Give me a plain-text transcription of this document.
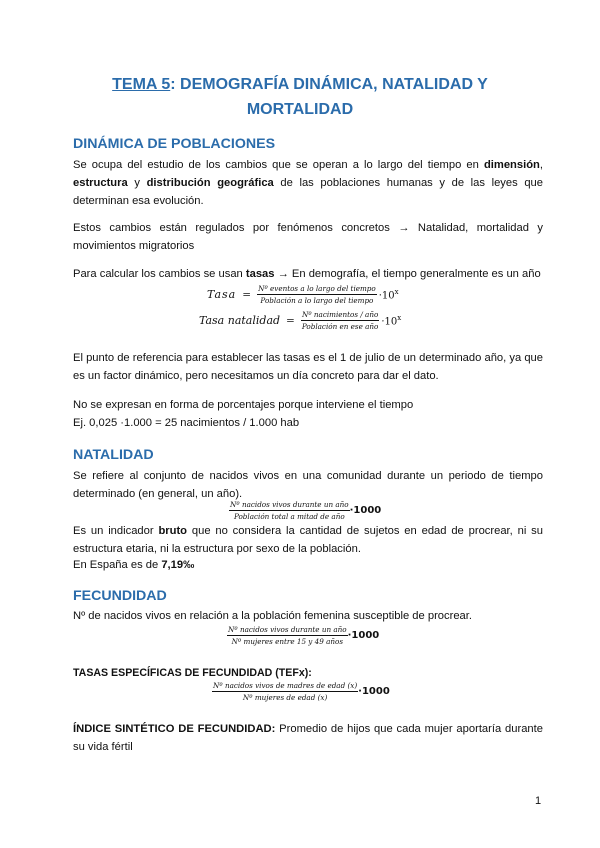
TEMA 5: DEMOGRAFÍA DINÁMICA, NATALIDAD Y
MORTALIDAD
DINÁMICA DE POBLACIONES

Se ocupa del estudio de los cambios que se operan a lo largo del tiempo en dimensión, estructura y distribución geográfica de las poblaciones humanas y de las leyes que determinan esa evolución.

Estos cambios están regulados por fenómenos concretos → Natalidad, mortalidad y movimientos migratorios

Para calcular los cambios se usan tasas → En demografía, el tiempo generalmente es un año

Tasa = $\frac{\text{Nº eventos a lo largo del tiempo}}{\text{Población a lo largo del tiempo}} \cdot 10^x$
Tasa natalidad = $\frac{\text{Nº nacimientos / año}}{\text{Población en ese año}} \cdot 10^x$

El punto de referencia para establecer las tasas es el 1 de julio de un determinado año, ya que es un factor dinámico, pero necesitamos un día concreto para dar el dato.

No se expresan en forma de porcentajes porque interviene el tiempo

Ej. 0,025 ·1.000 = 25 nacimientos / 1.000 hab

NATALIDAD

Se refiere al conjunto de nacidos vivos en una comunidad durante un periodo de tiempo determinado (en general, un año).

$\frac{\text{Nº nacidos vivos durante un año}}{\text{Población total a mitad de año}} \cdot 1000$

Es un indicador bruto que no considera la cantidad de sujetos en edad de procrear, ni su estructura etaria, ni la estructura por sexo de la población.

En España es de 7,19‰

FECUNDIDAD

Nº de nacidos vivos en relación a la población femenina susceptible de procrear.

$\frac{\text{Nº nacidos vivos durante un año}}{\text{Nº mujeres entre 15 y 49 años}} \cdot 1000$

TASAS ESPECÍFICAS DE FECUNDIDAD (TEFx):

$\frac{\text{Nº nacidos vivos de madres de edad (x)}}{\text{Nº mujeres de edad (x)}} \cdot 1000$

ÍNDICE SINTÉTICO DE FECUNDIDAD: Promedio de hijos que cada mujer aportaría durante su vida fértil

1
